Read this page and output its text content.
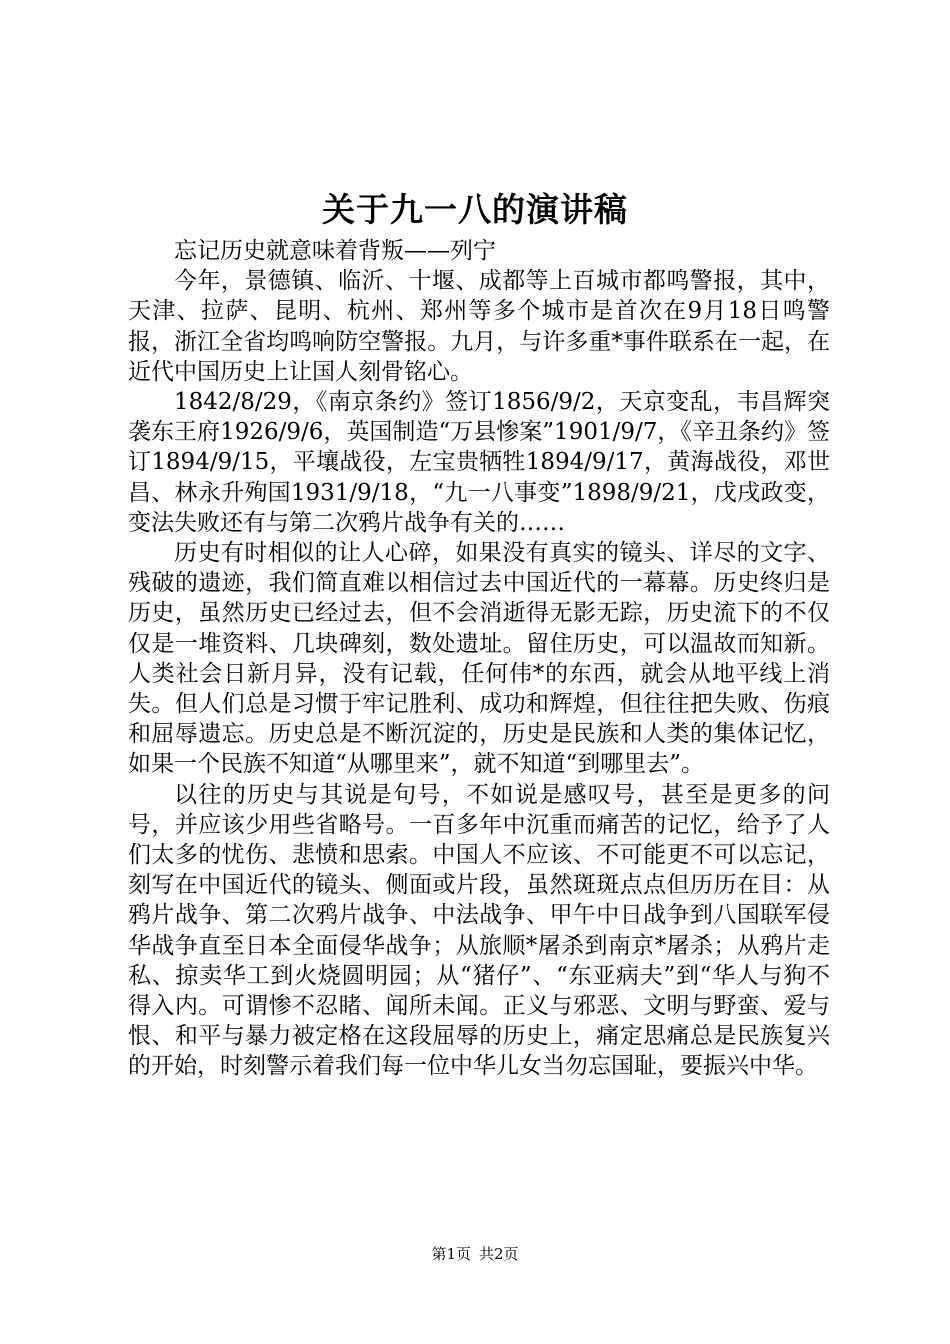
关于九一八的演讲稿

忘记历史就意味着背叛——列宁

今年，景德镇、临沂、十堰、成都等上百城市都鸣警报，其中，天津、拉萨、昆明、杭州、郑州等多个城市是首次在9月18日鸣警报，浙江全省均鸣响防空警报。九月，与许多重*事件联系在一起，在近代中国历史上让国人刻骨铭心。

1842/8/29，《南京条约》签订1856/9/2，天京变乱，韦昌辉突袭东王府1926/9/6，英国制造“万县惨案”1901/9/7，《辛丑条约》签订1894/9/15，平壤战役，左宝贵牺牲1894/9/17，黄海战役，邓世昌、林永升殉国1931/9/18，“九一八事变”1898/9/21，戊戌政变，变法失败还有与第二次鸦片战争有关的……

历史有时相似的让人心碎，如果没有真实的镜头、详尽的文字、残破的遗迹，我们简直难以相信过去中国近代的一幕幕。历史终归是历史，虽然历史已经过去，但不会消逝得无影无踪，历史流下的不仅仅是一堆资料、几块碑刻，数处遗址。留住历史，可以温故而知新。人类社会日新月异，没有记载，任何伟*的东西，就会从地平线上消失。但人们总是习惯于牢记胜利、成功和辉煌，但往往把失败、伤痕和屈辱遗忘。历史总是不断沉淀的，历史是民族和人类的集体记忆，如果一个民族不知道“从哪里来”，就不知道“到哪里去”。

以往的历史与其说是句号，不如说是感叹号，甚至是更多的问号，并应该少用些省略号。一百多年中沉重而痛苦的记忆，给予了人们太多的忧伤、悲愤和思索。中国人不应该、不可能更不可以忘记，刻写在中国近代的镜头、侧面或片段，虽然斑斑点点但历历在目：从鸦片战争、第二次鸦片战争、中法战争、甲午中日战争到八国联军侵华战争直至日本全面侵华战争；从旅顺*屠杀到南京*屠杀；从鸦片走私、掠卖华工到火烧圆明园；从“猪仔”、“东亚病夫”到“华人与狗不得入内。可谓惨不忍睹、闻所未闻。正义与邪恶、文明与野蛮、爱与恨、和平与暴力被定格在这段屈辱的历史上，痛定思痛总是民族复兴的开始，时刻警示着我们每一位中华儿女当勿忘国耻，要振兴中华。

第1页 共2页
